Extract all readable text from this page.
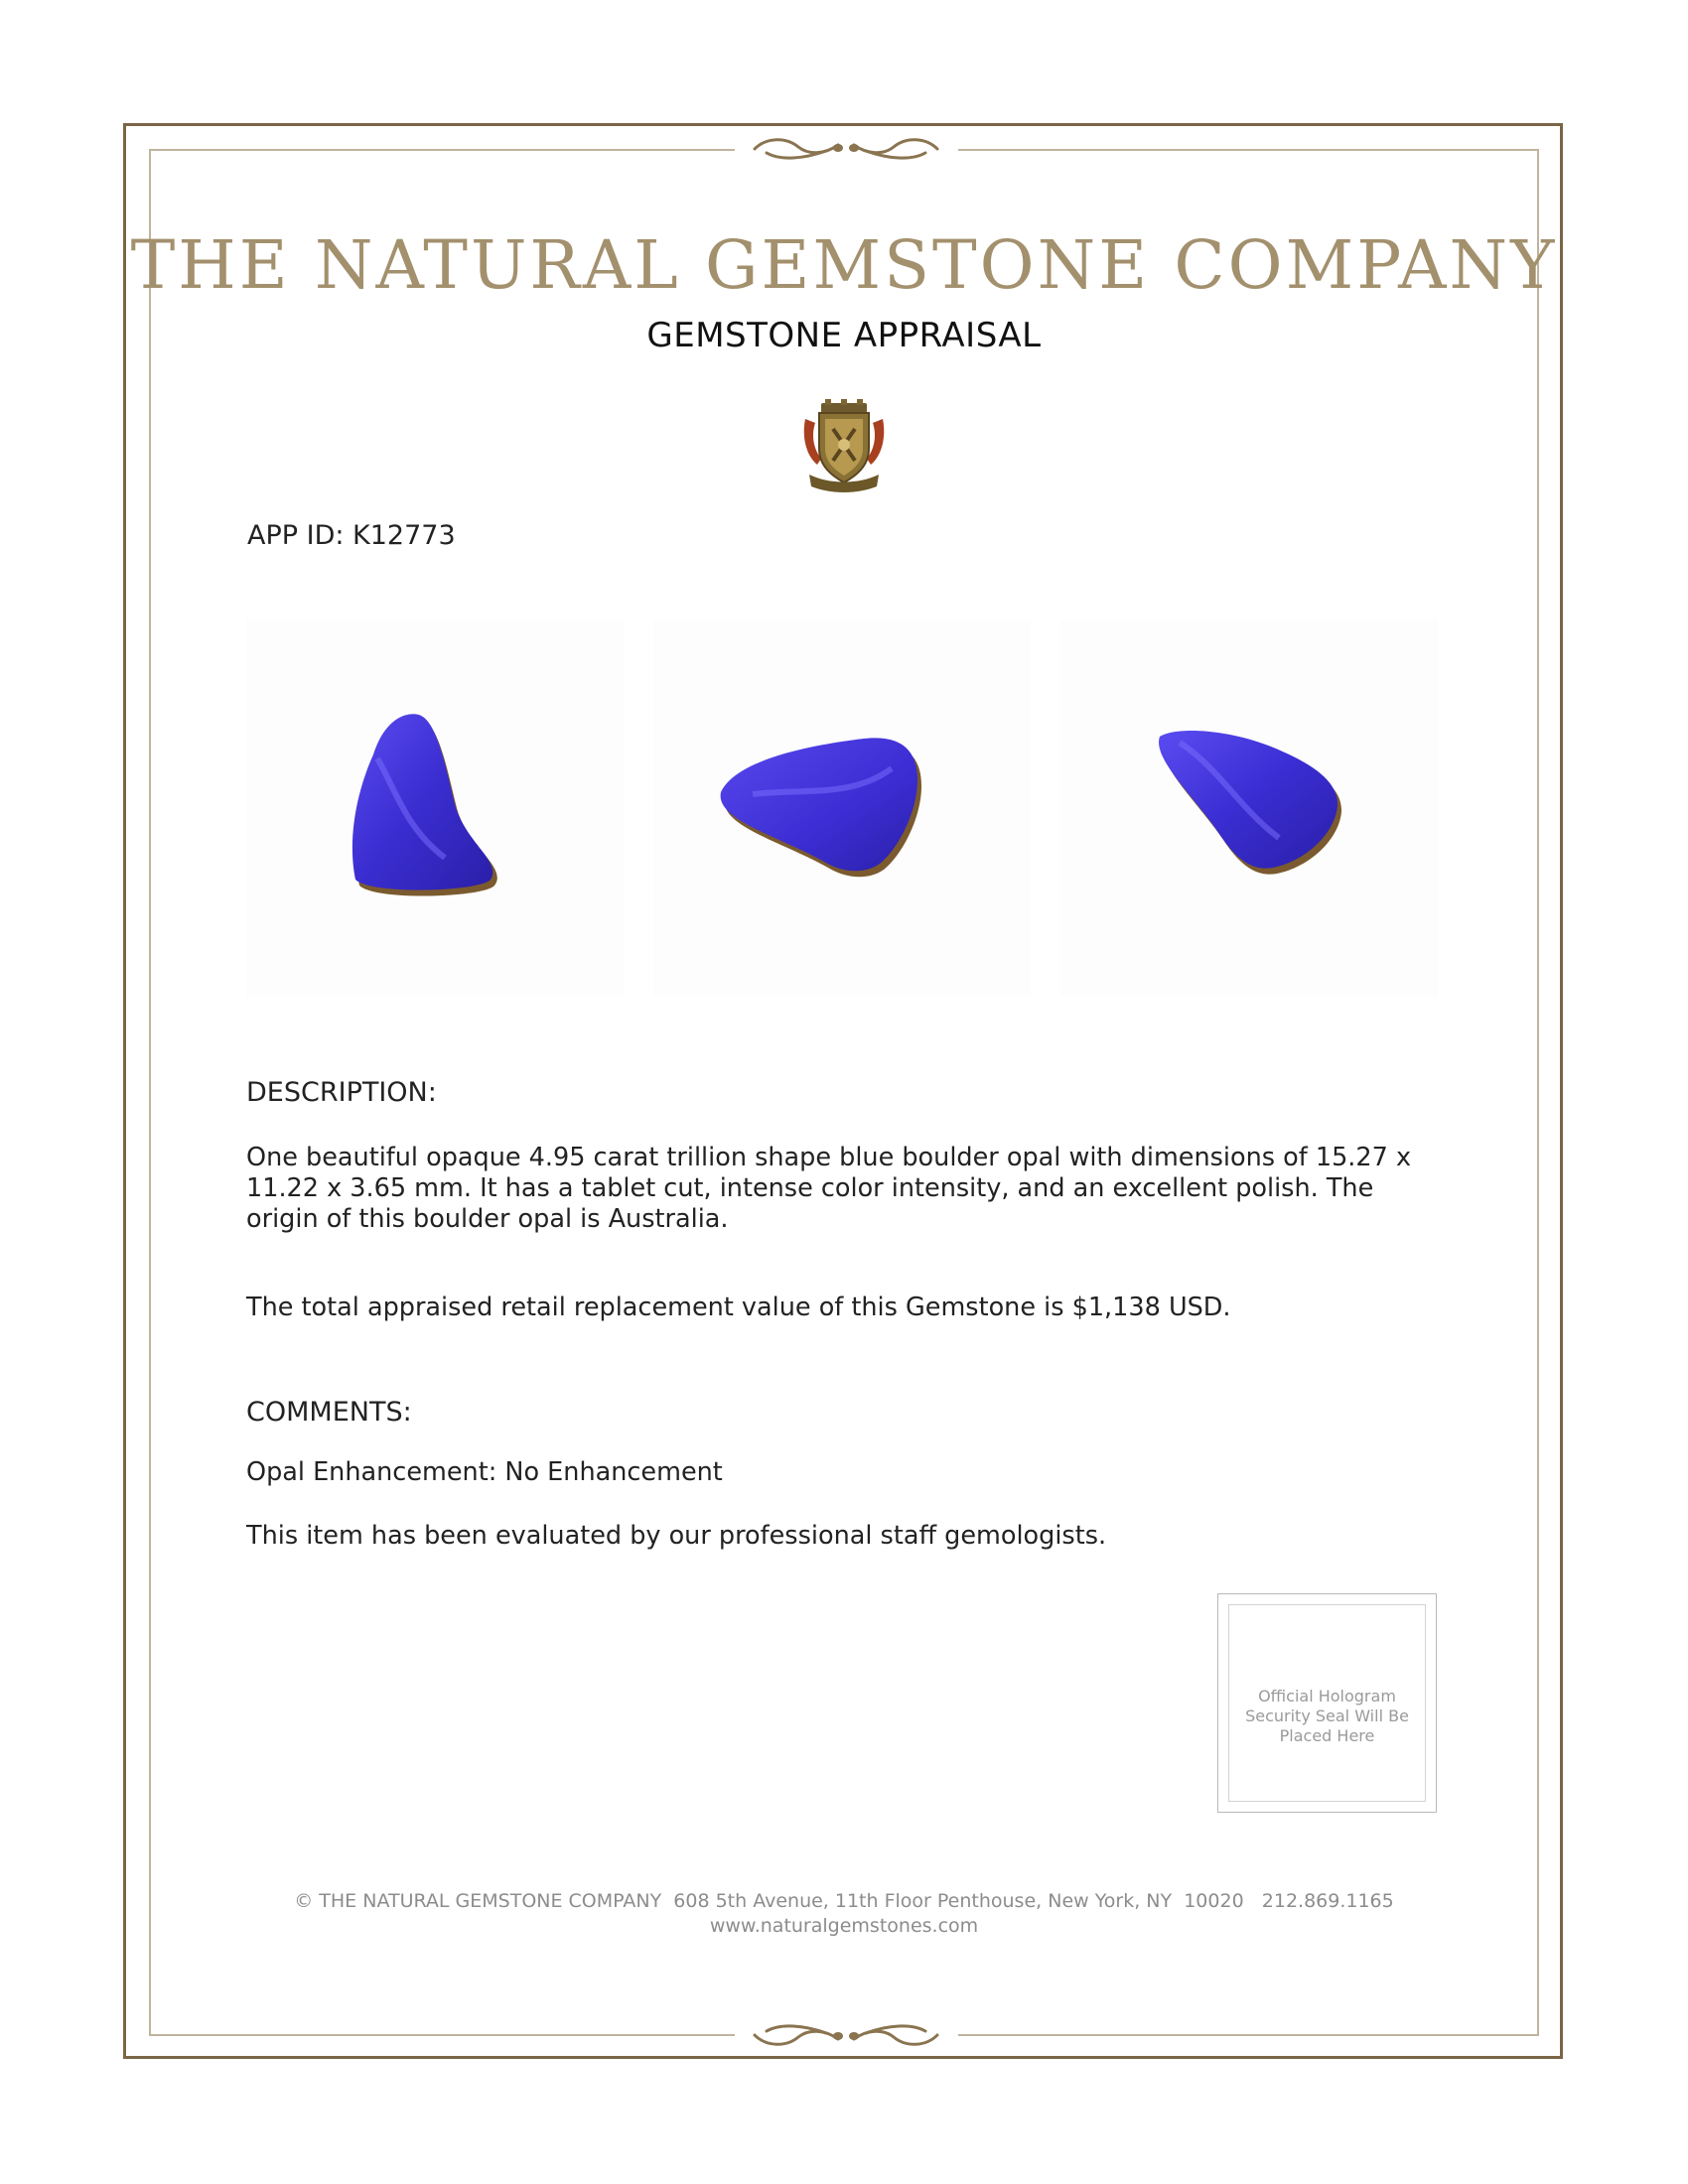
THE NATURAL GEMSTONE COMPANY
GEMSTONE APPRAISAL
APP ID: K12773
DESCRIPTION:
One beautiful opaque 4.95 carat trillion shape blue boulder opal with dimensions of 15.27 x 11.22 x 3.65 mm. It has a tablet cut, intense color intensity, and an excellent polish. The origin of this boulder opal is Australia.
The total appraised retail replacement value of this Gemstone is $1,138 USD.
COMMENTS:
Opal Enhancement: No Enhancement
This item has been evaluated by our professional staff gemologists.
Official Hologram Security Seal Will Be Placed Here
© THE NATURAL GEMSTONE COMPANY  608 5th Avenue, 11th Floor Penthouse, New York, NY  10020   212.869.1165
www.naturalgemstones.com
